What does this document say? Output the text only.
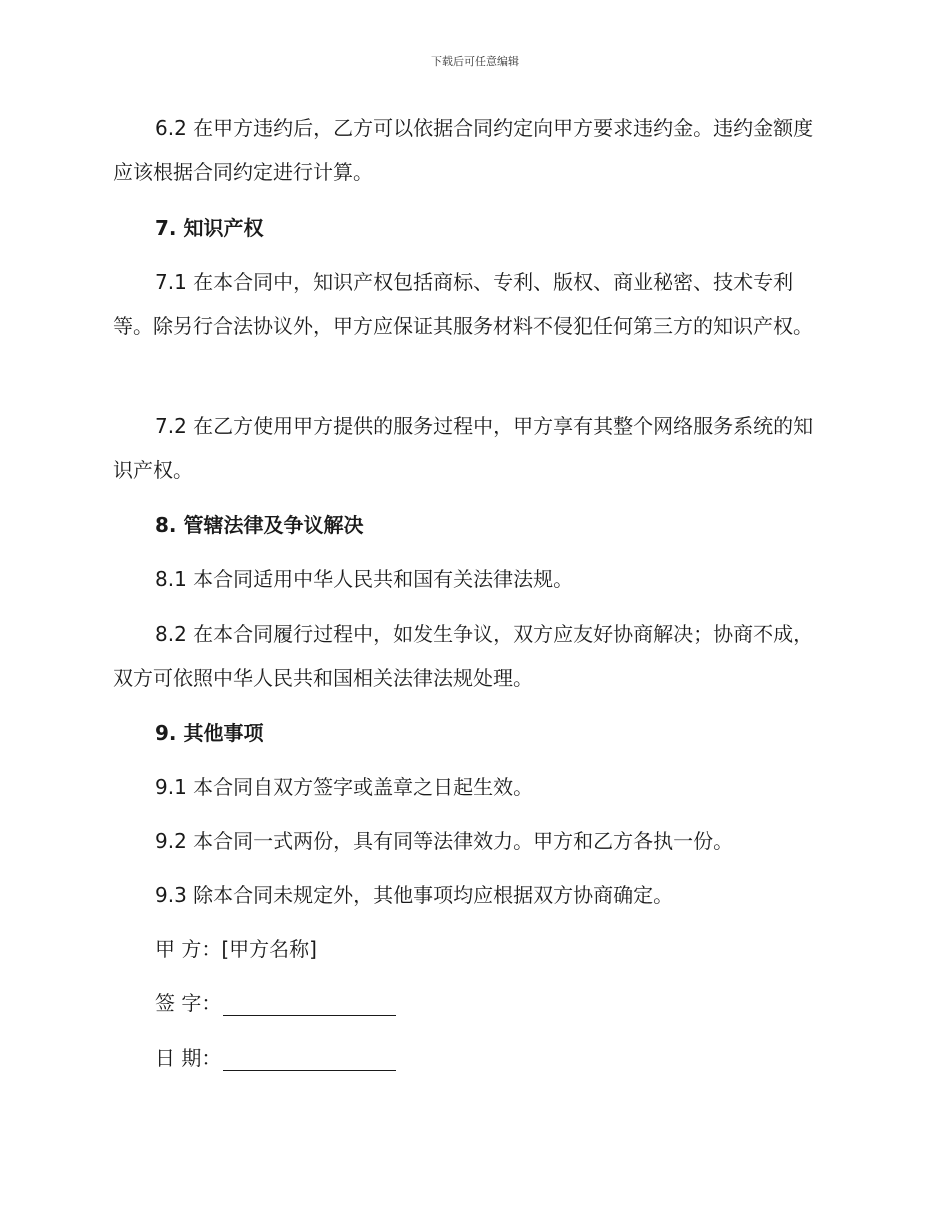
下载后可任意编辑

6.2 在甲方违约后，乙方可以依据合同约定向甲方要求违约金。违约金额度应该根据合同约定进行计算。

7. 知识产权

7.1 在本合同中，知识产权包括商标、专利、版权、商业秘密、技术专利等。除另行合法协议外，甲方应保证其服务材料不侵犯任何第三方的知识产权。

7.2 在乙方使用甲方提供的服务过程中，甲方享有其整个网络服务系统的知识产权。

8. 管辖法律及争议解决

8.1 本合同适用中华人民共和国有关法律法规。

8.2 在本合同履行过程中，如发生争议，双方应友好协商解决；协商不成，双方可依照中华人民共和国相关法律法规处理。

9. 其他事项

9.1 本合同自双方签字或盖章之日起生效。

9.2 本合同一式两份，具有同等法律效力。甲方和乙方各执一份。

9.3 除本合同未规定外，其他事项均应根据双方协商确定。

甲 方： [甲方名称]
签 字：
日 期：
